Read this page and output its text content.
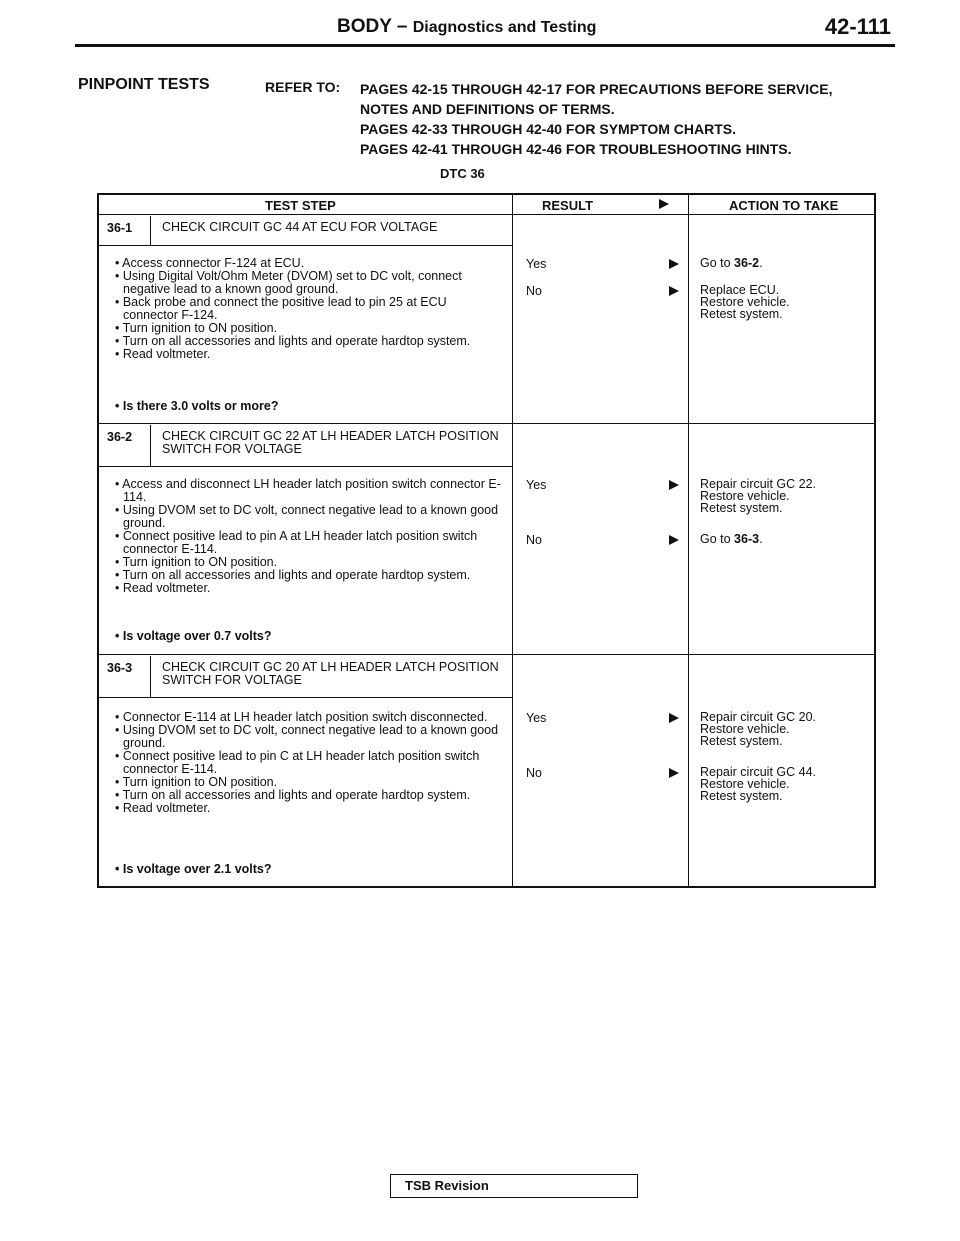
BODY – Diagnostics and Testing	42-111
PINPOINT TESTS	REFER TO: PAGES 42-15 THROUGH 42-17 FOR PRECAUTIONS BEFORE SERVICE,
NOTES AND DEFINITIONS OF TERMS.
PAGES 42-33 THROUGH 42-40 FOR SYMPTOM CHARTS.
PAGES 42-41 THROUGH 42-46 FOR TROUBLESHOOTING HINTS.
DTC 36
TEST STEP	RESULT	ACTION TO TAKE
36-1 CHECK CIRCUIT GC 44 AT ECU FOR VOLTAGE
• Access connector F-124 at ECU.
• Using Digital Volt/Ohm Meter (DVOM) set to DC volt, connect negative lead to a known good ground.
• Back probe and connect the positive lead to pin 25 at ECU connector F-124.
• Turn ignition to ON position.
• Turn on all accessories and lights and operate hardtop system.
• Read voltmeter.
• Is there 3.0 volts or more?
Yes	Go to 36-2.
No	Replace ECU.
Restore vehicle.
Retest system.
36-2 CHECK CIRCUIT GC 22 AT LH HEADER LATCH POSITION SWITCH FOR VOLTAGE
• Access and disconnect LH header latch position switch connector E-114.
• Using DVOM set to DC volt, connect negative lead to a known good ground.
• Connect positive lead to pin A at LH header latch position switch connector E-114.
• Turn ignition to ON position.
• Turn on all accessories and lights and operate hardtop system.
• Read voltmeter.
• Is voltage over 0.7 volts?
Yes	Repair circuit GC 22.
Restore vehicle.
Retest system.
No	Go to 36-3.
36-3 CHECK CIRCUIT GC 20 AT LH HEADER LATCH POSITION SWITCH FOR VOLTAGE
• Connector E-114 at LH header latch position switch disconnected.
• Using DVOM set to DC volt, connect negative lead to a known good ground.
• Connect positive lead to pin C at LH header latch position switch connector E-114.
• Turn ignition to ON position.
• Turn on all accessories and lights and operate hardtop system.
• Read voltmeter.
• Is voltage over 2.1 volts?
Yes	Repair circuit GC 20.
Restore vehicle.
Retest system.
No	Repair circuit GC 44.
Restore vehicle.
Retest system.
TSB Revision
